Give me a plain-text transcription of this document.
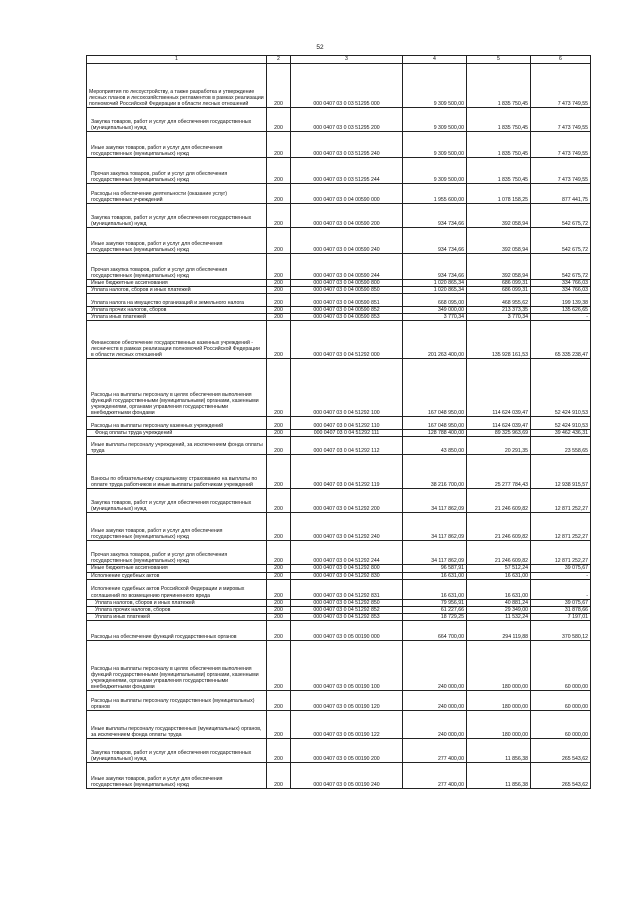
52
1	2	3	4	5	6
Мероприятия по лесоустройству, а также разработка и утверждение лесных планов и лесохозяйственных регламентов в рамках реализации полномочий Российской Федерации в области лесных отношений	200	000 0407 03 0 03 51295 000	9 309 500,00	1 835 750,45	7 473 749,55
Закупка товаров, работ и услуг для обеспечения государственных (муниципальных) нужд	200	000 0407 03 0 03 51295 200	9 309 500,00	1 835 750,45	7 473 749,55
Иные закупки товаров, работ и услуг для обеспечения государственных (муниципальных) нужд	200	000 0407 03 0 03 51295 240	9 309 500,00	1 835 750,45	7 473 749,55
Прочая закупка товаров, работ и услуг для обеспечения государственных (муниципальных) нужд	200	000 0407 03 0 03 51295 244	9 309 500,00	1 835 750,45	7 473 749,55
Расходы на обеспечение деятельности (оказание услуг) государственных учреждений	200	000 0407 03 0 04 00590 000	1 955 600,00	1 078 158,25	877 441,75
Закупка товаров, работ и услуг для обеспечения государственных (муниципальных) нужд	200	000 0407 03 0 04 00590 200	934 734,66	392 058,94	542 675,72
Иные закупки товаров, работ и услуг для обеспечения государственных (муниципальных) нужд	200	000 0407 03 0 04 00590 240	934 734,66	392 058,94	542 675,72
Прочая закупка товаров, работ и услуг для обеспечения государственных (муниципальных) нужд	200	000 0407 03 0 04 00590 244	934 734,66	392 058,94	542 675,72
Иные бюджетные ассигнования	200	000 0407 03 0 04 00590 800	1 020 865,34	686 099,31	334 766,03
Уплата налогов, сборов и иных платежей	200	000 0407 03 0 04 00590 850	1 020 865,34	686 099,31	334 766,03
Уплата налога на имущество организаций и земельного налога	200	000 0407 03 0 04 00590 851	668 095,00	468 955,62	199 139,38
Уплата прочих налогов, сборов	200	000 0407 03 0 04 00590 852	349 000,00	213 373,35	135 626,65
Уплата иных платежей	200	000 0407 03 0 04 00590 853	3 770,34	3 770,34	-
Финансовое обеспечение государственных казенных учреждений - лесничеств в рамках реализации полномочий Российской Федерации в области лесных отношений	200	000 0407 03 0 04 51292 000	201 263 400,00	135 928 161,53	65 335 238,47
Расходы на выплаты персоналу в целях обеспечения выполнения функций государственными (муниципальными) органами, казенными учреждениями, органами управления государственными внебюджетными фондами	200	000 0407 03 0 04 51292 100	167 048 950,00	114 624 039,47	52 424 910,53
Расходы на выплаты персоналу казенных учреждений	200	000 0407 03 0 04 51292 110	167 048 950,00	114 624 039,47	52 424 910,53
Фонд оплаты труда учреждений	200	000 0407 03 0 04 51292 111	128 788 400,00	89 325 963,69	39 462 436,31
Иные выплаты персоналу учреждений, за исключением фонда оплаты труда	200	000 0407 03 0 04 51292 112	43 850,00	20 291,35	23 558,65
Взносы по обязательному социальному страхованию на выплаты по оплате труда работников и иные выплаты работникам учреждений	200	000 0407 03 0 04 51292 119	38 216 700,00	25 277 784,43	12 938 915,57
Закупка товаров, работ и услуг для обеспечения государственных (муниципальных) нужд	200	000 0407 03 0 04 51292 200	34 117 862,09	21 246 609,82	12 871 252,27
Иные закупки товаров, работ и услуг для обеспечения государственных (муниципальных) нужд	200	000 0407 03 0 04 51292 240	34 117 862,09	21 246 609,82	12 871 252,27
Прочая закупка товаров, работ и услуг для обеспечения государственных (муниципальных) нужд	200	000 0407 03 0 04 51292 244	34 117 862,09	21 246 609,82	12 871 252,27
Иные бюджетные ассигнования	200	000 0407 03 0 04 51292 800	96 587,91	57 512,24	39 075,67
Исполнение судебных актов	200	000 0407 03 0 04 51292 830	16 631,00	16 631,00	-
Исполнение судебных актов Российской Федерации и мировых соглашений по возмещению причиненного вреда	200	000 0407 03 0 04 51292 831	16 631,00	16 631,00	-
Уплата налогов, сборов и иных платежей	200	000 0407 03 0 04 51292 850	79 956,91	40 881,24	39 075,67
Уплата прочих налогов, сборов	200	000 0407 03 0 04 51292 852	61 227,66	29 349,00	31 878,66
Уплата иных платежей	200	000 0407 03 0 04 51292 853	18 729,25	11 532,24	7 197,01
Расходы на обеспечение функций государственных органов	200	000 0407 03 0 05 00190 000	664 700,00	294 119,88	370 580,12
Расходы на выплаты персоналу в целях обеспечения выполнения функций государственными (муниципальными) органами, казенными учреждениями, органами управления государственными внебюджетными фондами	200	000 0407 03 0 05 00190 100	240 000,00	180 000,00	60 000,00
Расходы на выплаты персоналу государственных (муниципальных) органов	200	000 0407 03 0 05 00190 120	240 000,00	180 000,00	60 000,00
Иные выплаты персоналу государственных (муниципальных) органов, за исключением фонда оплаты труда	200	000 0407 03 0 05 00190 122	240 000,00	180 000,00	60 000,00
Закупка товаров, работ и услуг для обеспечения государственных (муниципальных) нужд	200	000 0407 03 0 05 00190 200	277 400,00	11 856,38	265 543,62
Иные закупки товаров, работ и услуг для обеспечения государственных (муниципальных) нужд	200	000 0407 03 0 05 00190 240	277 400,00	11 856,38	265 543,62
